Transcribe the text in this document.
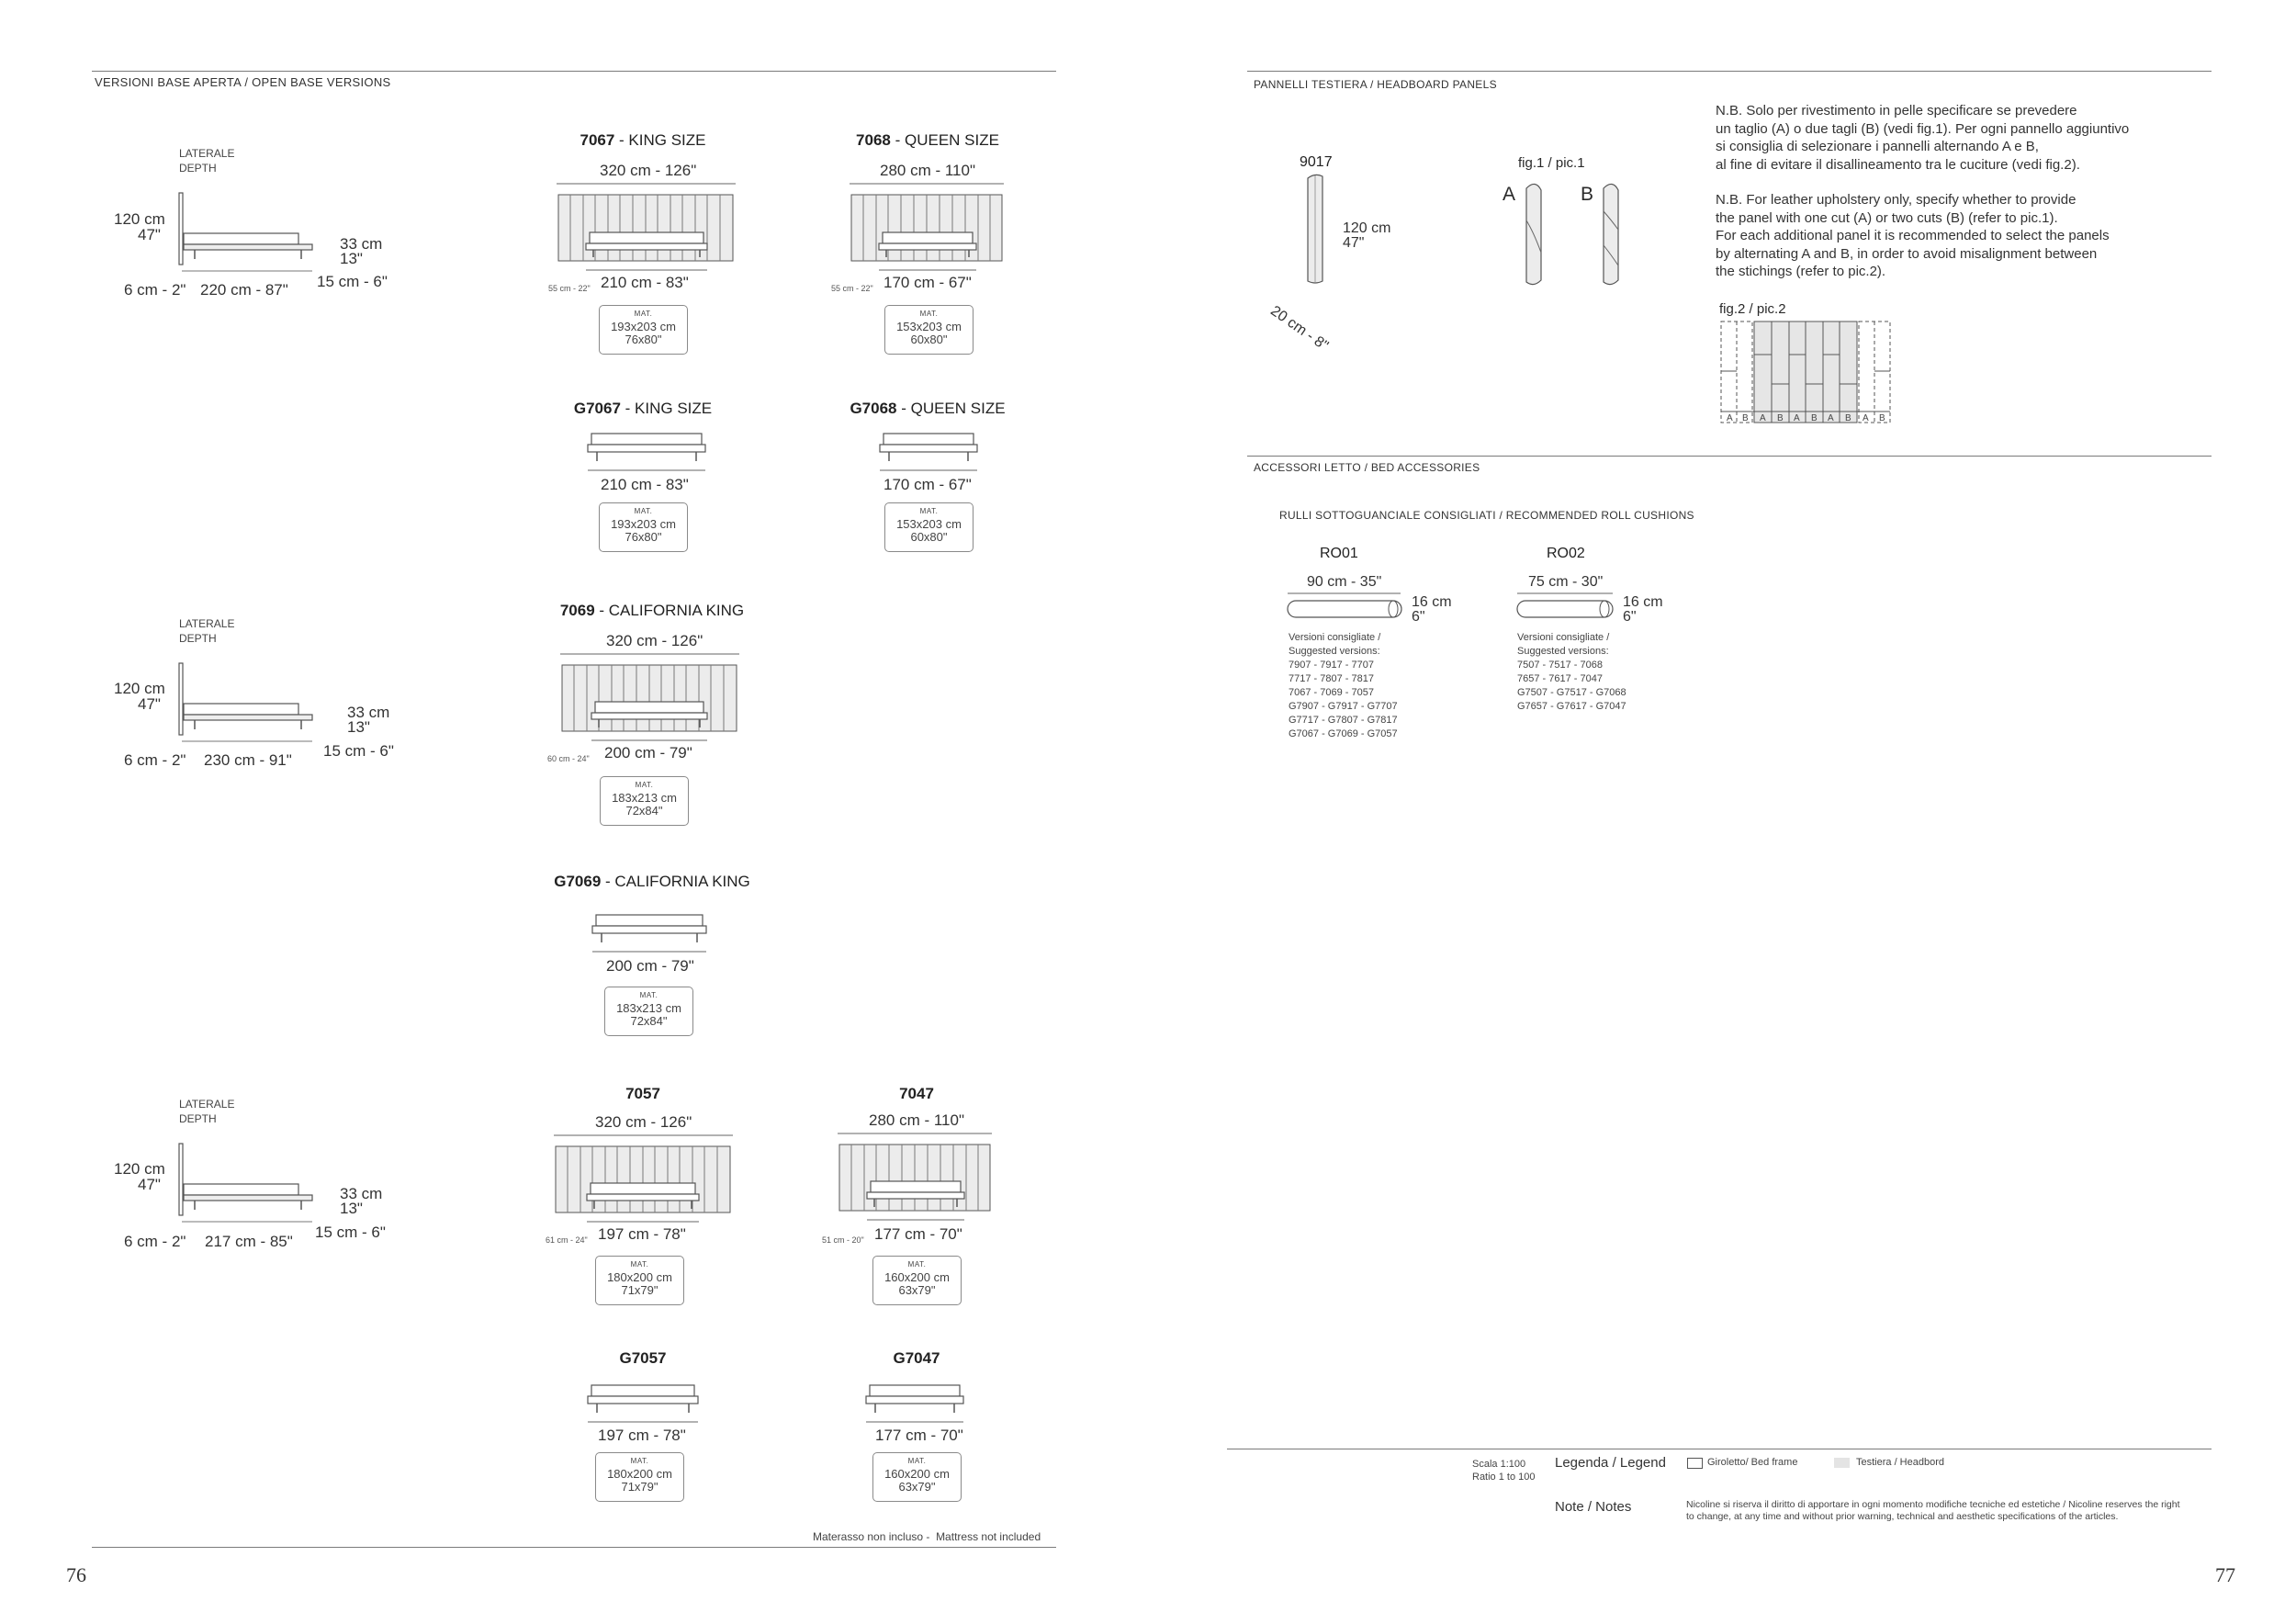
VERSIONI BASE APERTA / OPEN BASE VERSIONS
LATERALE
DEPTH
120 cm
47"
33 cm
13"
15 cm - 6"
6 cm - 2" 220 cm - 87"
LATERALE
DEPTH
120 cm
47"	33 cm
13"
15 cm - 6"
6 cm - 2" 230 cm - 91"
LATERALE
DEPTH
120 cm
47"
33 cm
13"
15 cm - 6"
6 cm - 2" 217 cm - 85"
7067 - KING SIZE
320 cm - 126"
55 cm - 22" 210 cm - 83"
MAT.
193x203 cm
76x80"
7068 - QUEEN SIZE
280 cm - 110"
55 cm - 22" 170 cm - 67"
MAT.
153x203 cm
60x80"
G7067 - KING SIZE
210 cm - 83"
MAT.
193x203 cm
76x80"
G7068 - QUEEN SIZE
170 cm - 67"
MAT.
153x203 cm
60x80"
7069 - CALIFORNIA KING
320 cm - 126"
60 cm - 24" 200 cm - 79"
MAT.
183x213 cm
72x84"
G7069 - CALIFORNIA KING
200 cm - 79"
MAT.
183x213 cm
72x84"
7057
320 cm - 126"
61 cm - 24" 197 cm - 78"
MAT.
180x200 cm
71x79"
7047
280 cm - 110"
51 cm - 20" 177 cm - 70"
MAT.
160x200 cm
63x79"
G7057
197 cm - 78"
MAT.
180x200 cm
71x79"
G7047
177 cm - 70"
MAT.
160x200 cm
63x79"
Materasso non incluso -  Mattress not included
76
PANNELLI TESTIERA / HEADBOARD PANELS
9017
120 cm
47"
20 cm - 8"
fig.1 / pic.1
A	B
N.B. Solo per rivestimento in pelle specificare se prevedere
un taglio (A) o due tagli (B) (vedi fig.1). Per ogni pannello aggiuntivo
si consiglia di selezionare i pannelli alternando A e B,
al fine di evitare il disallineamento tra le cuciture (vedi fig.2).
N.B. For leather upholstery only, specify whether to provide
the panel with one cut (A) or two cuts (B) (refer to pic.1).
For each additional panel it is recommended to select the panels
by alternating A and B, in order to avoid misalignment between
the stichings (refer to pic.2).
fig.2 / pic.2
A B A B A B A B A B
ACCESSORI LETTO / BED ACCESSORIES
RULLI SOTTOGUANCIALE CONSIGLIATI / RECOMMENDED ROLL CUSHIONS
RO01
90 cm - 35"
16 cm
6"
Versioni consigliate /
Suggested versions:
7907 - 7917 - 7707
7717 - 7807 - 7817
7067 - 7069 - 7057
G7907 - G7917 - G7707
G7717 - G7807 - G7817
G7067 - G7069 - G7057
RO02
75 cm - 30"
16 cm
6"
Versioni consigliate /
Suggested versions:
7507 - 7517 - 7068
7657 - 7617 - 7047
G7507 - G7517 - G7068
G7657 - G7617 - G7047
Scala 1:100
Ratio 1 to 100
Legenda / Legend	Giroletto/ Bed frame	Testiera / Headbord
Note / Notes	Nicoline si riserva il diritto di apportare in ogni momento modifiche tecniche ed estetiche / Nicoline reserves the right
to change, at any time and without prior warning, technical and aesthetic specifications of the articles.
77
